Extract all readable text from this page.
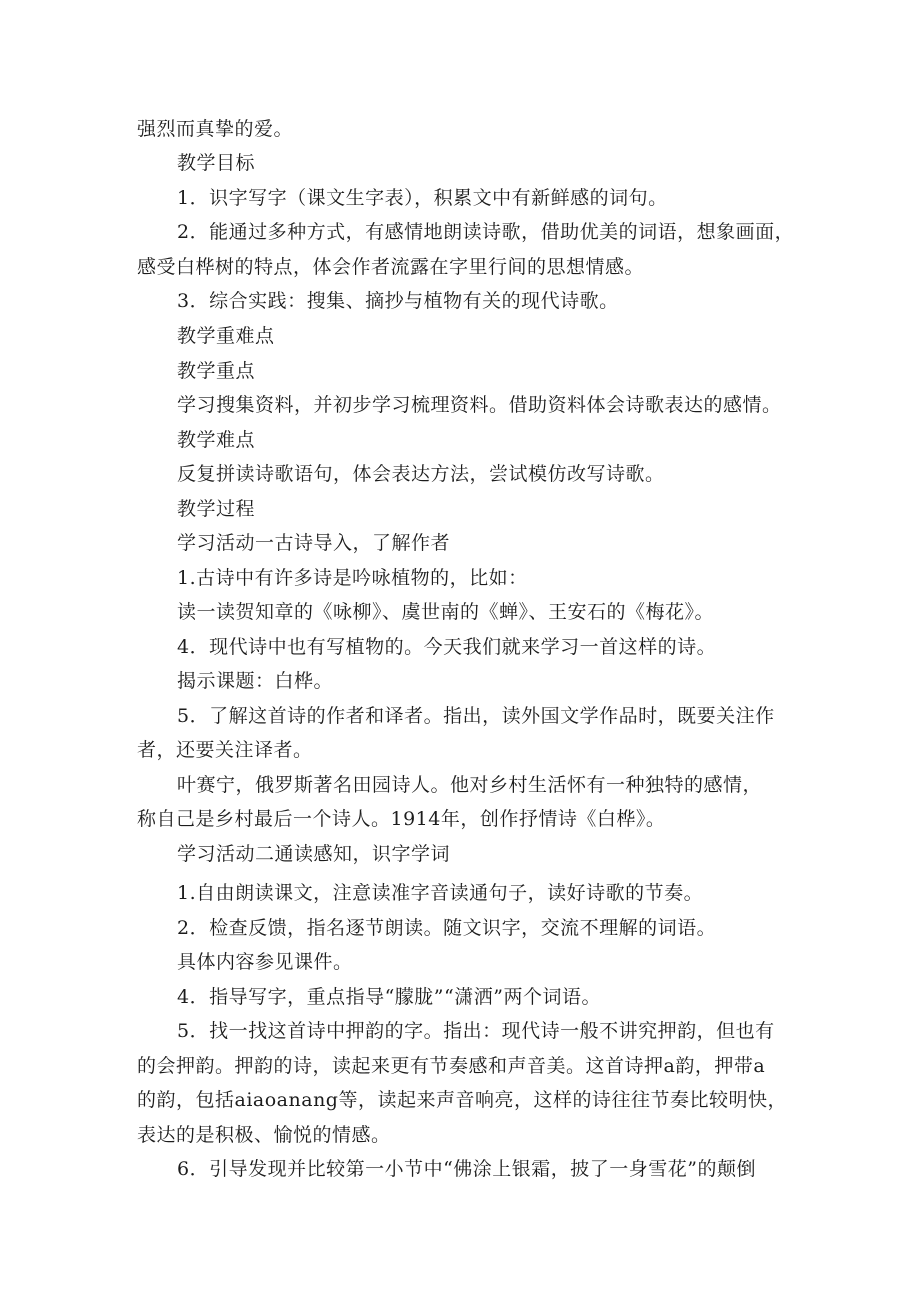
强烈而真挚的爱。

教学目标

1．识字写字（课文生字表），积累文中有新鲜感的词句。

2．能通过多种方式，有感情地朗读诗歌，借助优美的词语，想象画面，

感受白桦树的特点，体会作者流露在字里行间的思想情感。

3．综合实践：搜集、摘抄与植物有关的现代诗歌。

教学重难点

教学重点

学习搜集资料，并初步学习梳理资料。借助资料体会诗歌表达的感情。

教学难点

反复拼读诗歌语句，体会表达方法，尝试模仿改写诗歌。

教学过程

学习活动一古诗导入，了解作者

1.古诗中有许多诗是吟咏植物的，比如：

读一读贺知章的《咏柳》、虞世南的《蝉》、王安石的《梅花》。

4．现代诗中也有写植物的。今天我们就来学习一首这样的诗。

揭示课题：白桦。

5．了解这首诗的作者和译者。指出，读外国文学作品时，既要关注作

者，还要关注译者。

叶赛宁，俄罗斯著名田园诗人。他对乡村生活怀有一种独特的感情，

称自己是乡村最后一个诗人。1914年，创作抒情诗《白桦》。

学习活动二通读感知，识字学词

1.自由朗读课文，注意读准字音读通句子，读好诗歌的节奏。

2．检查反馈，指名逐节朗读。随文识字，交流不理解的词语。

具体内容参见课件。

4．指导写字，重点指导“朦胧”“潇洒”两个词语。

5．找一找这首诗中押韵的字。指出：现代诗一般不讲究押韵，但也有

的会押韵。押韵的诗，读起来更有节奏感和声音美。这首诗押a韵，押带a

的韵，包括aiaoanang等，读起来声音响亮，这样的诗往往节奏比较明快，

表达的是积极、愉悦的情感。

6．引导发现并比较第一小节中“佛涂上银霜，披了一身雪花”的颠倒
